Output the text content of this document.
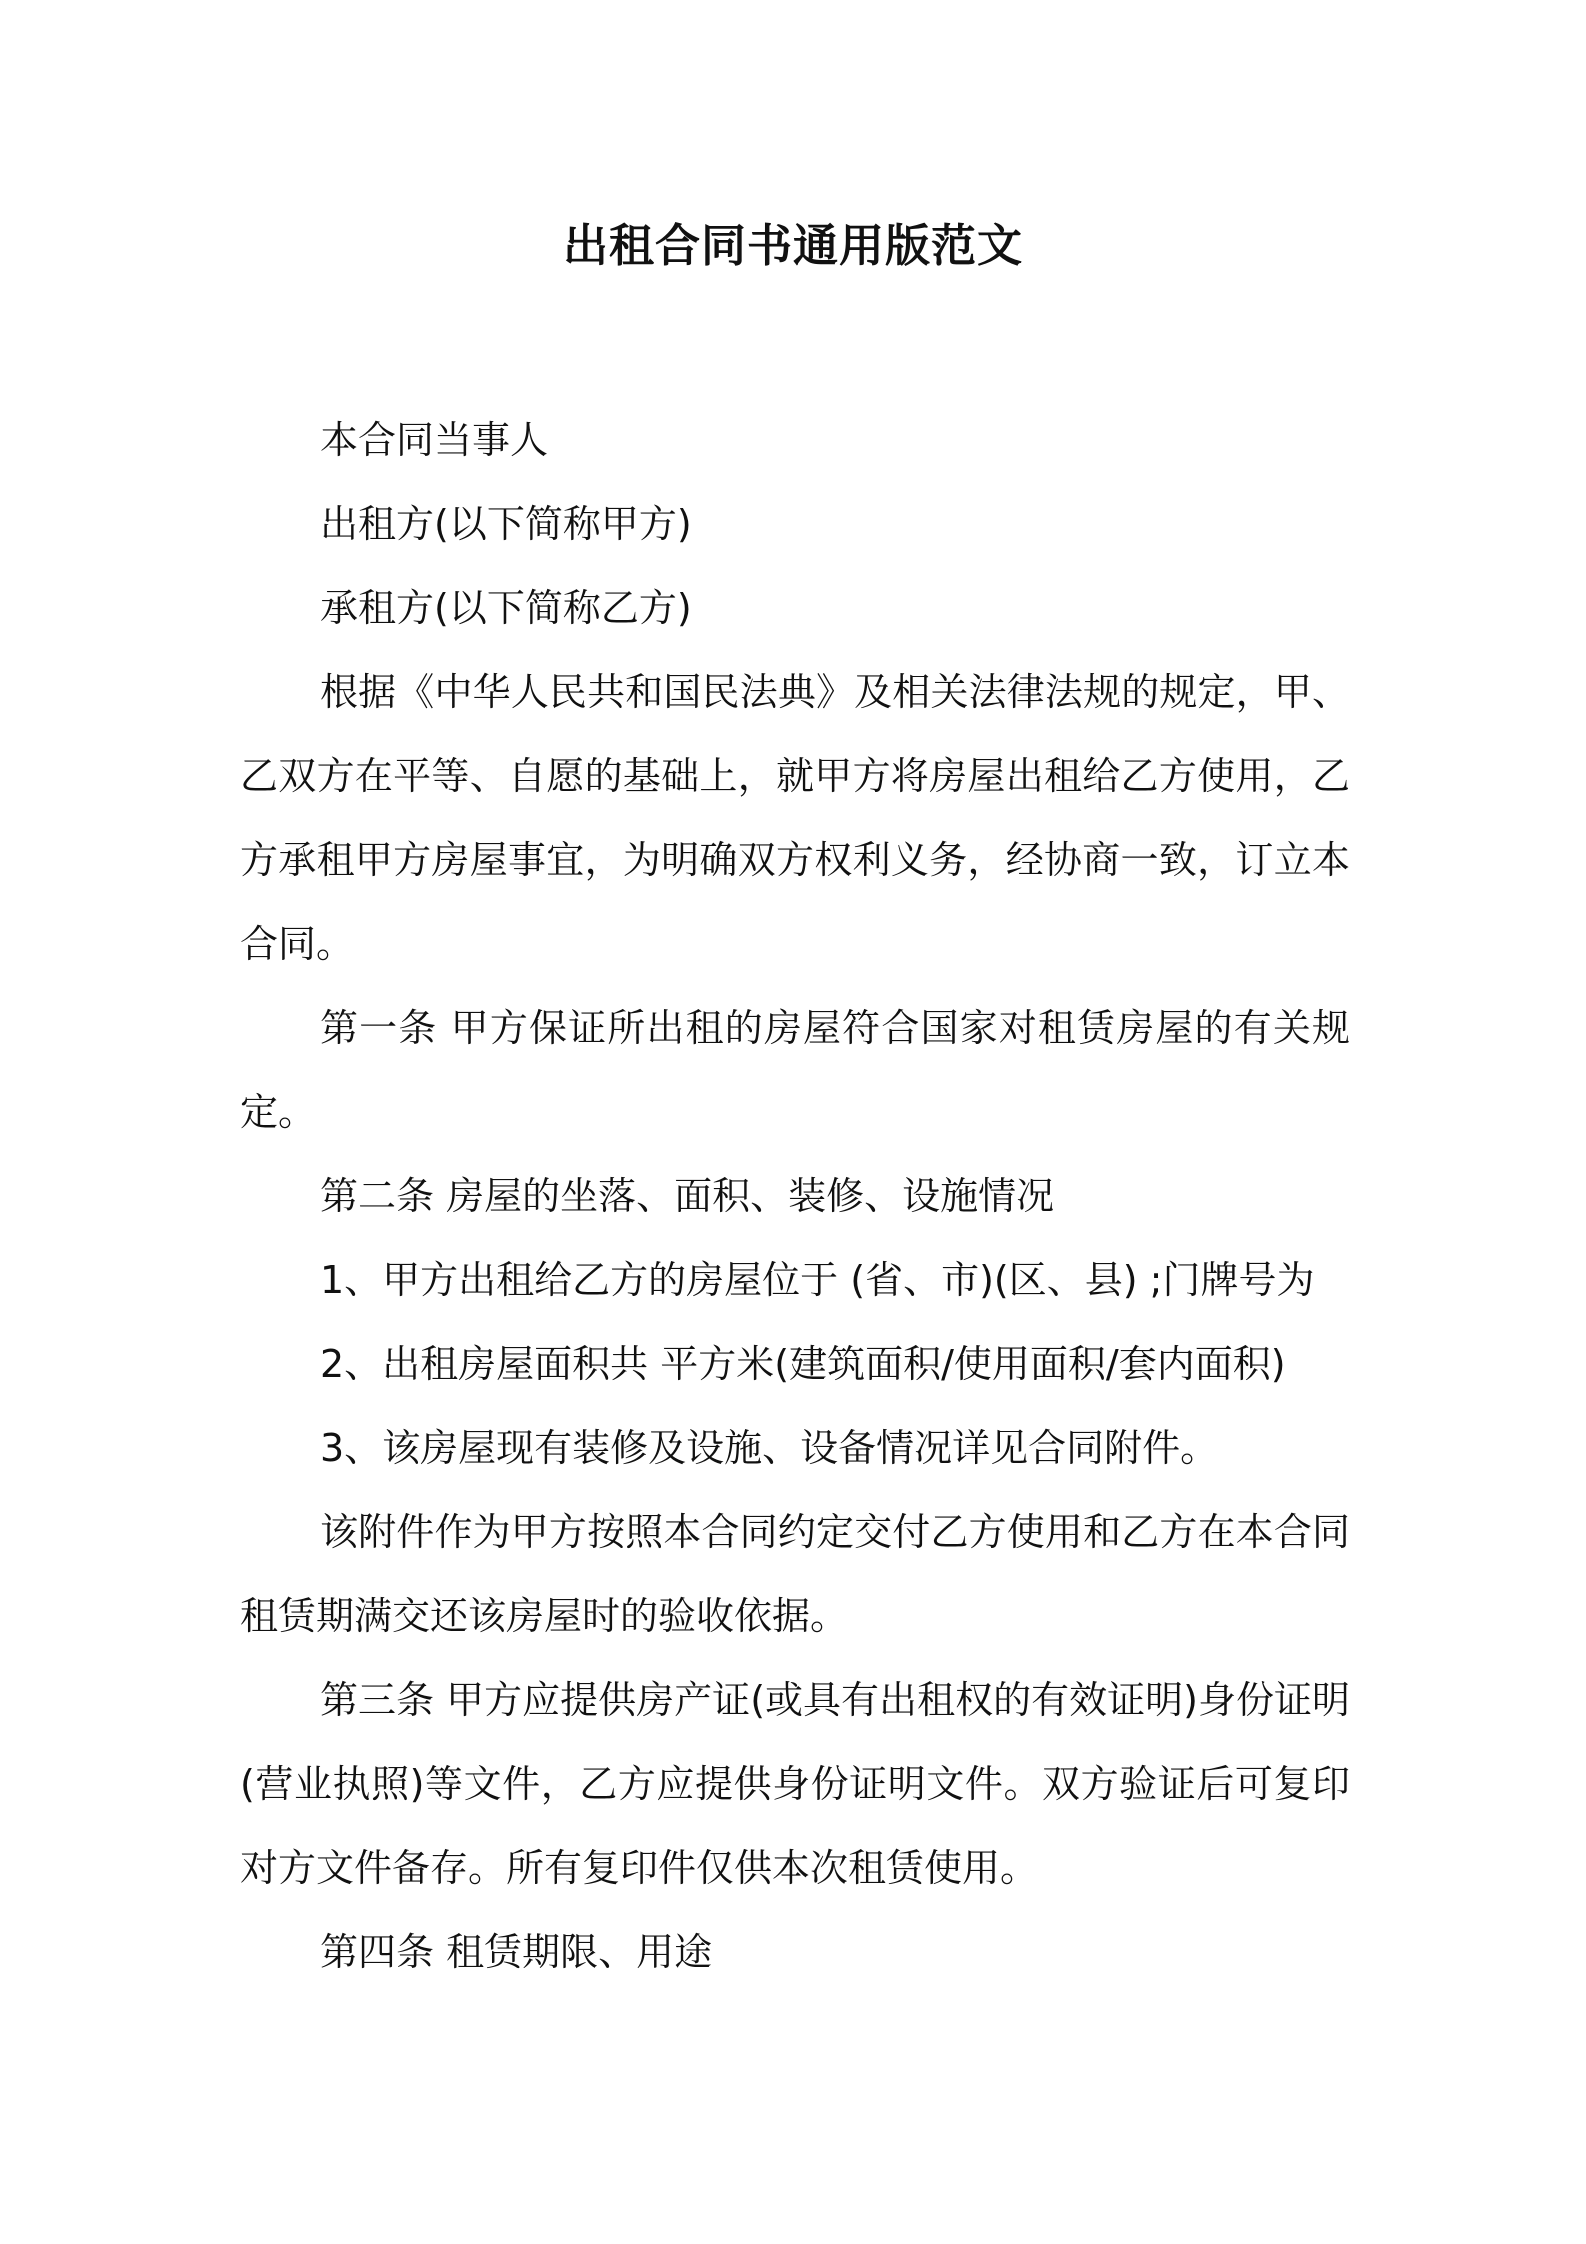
出租合同书通用版范文

本合同当事人

出租方(以下简称甲方)

承租方(以下简称乙方)

根据《中华人民共和国民法典》及相关法律法规的规定，甲、乙双方在平等、自愿的基础上，就甲方将房屋出租给乙方使用，乙方承租甲方房屋事宜，为明确双方权利义务，经协商一致，订立本合同。

第一条 甲方保证所出租的房屋符合国家对租赁房屋的有关规定。

第二条 房屋的坐落、面积、装修、设施情况

1、甲方出租给乙方的房屋位于 (省、市)(区、县) ;门牌号为

2、出租房屋面积共 平方米(建筑面积/使用面积/套内面积)

3、该房屋现有装修及设施、设备情况详见合同附件。

该附件作为甲方按照本合同约定交付乙方使用和乙方在本合同租赁期满交还该房屋时的验收依据。

第三条 甲方应提供房产证(或具有出租权的有效证明)身份证明(营业执照)等文件，乙方应提供身份证明文件。双方验证后可复印对方文件备存。所有复印件仅供本次租赁使用。

第四条 租赁期限、用途
